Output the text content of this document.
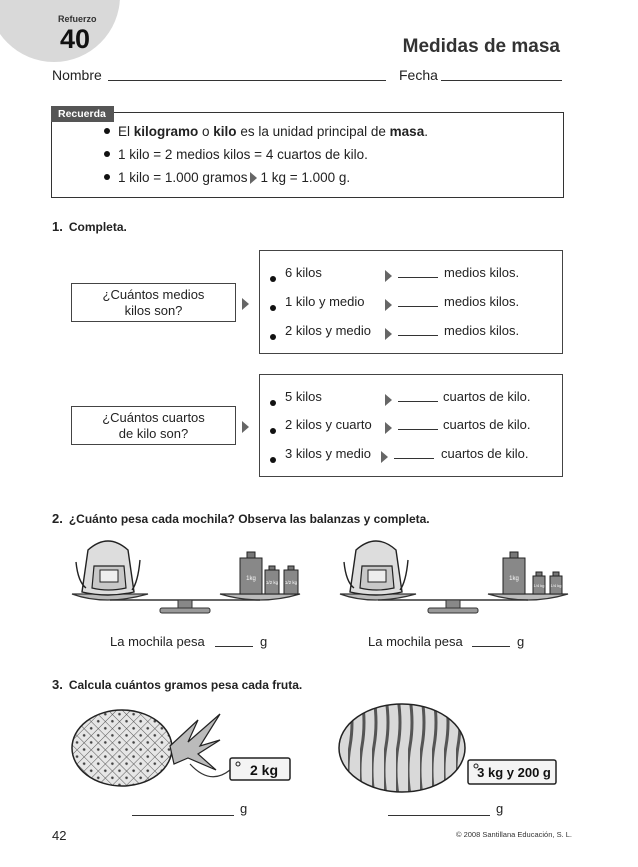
Refuerzo
40	Medidas de masa
Nombre	Fecha
Recuerda
El kilogramo o kilo es la unidad principal de masa.
1 kilo = 2 medios kilos = 4 cuartos de kilo.
1 kilo = 1.000 gramos 1 kg = 1.000 g.
1. Completa.
¿Cuántos medios kilos son?
6 kilos	medios kilos.
1 kilo y medio	medios kilos.
2 kilos y medio	medios kilos.
¿Cuántos cuartos de kilo son?
5 kilos	cuartos de kilo.
2 kilos y cuarto	cuartos de kilo.
3 kilos y medio	cuartos de kilo.
2. ¿Cuánto pesa cada mochila? Observa las balanzas y completa.
1kg
1/2 kg 1/2 kg
1kg
1/4 kg 1/4 kg
La mochila pesa	g	La mochila pesa	g
3. Calcula cuántos gramos pesa cada fruta.
2 kg	3 kg y 200 g
g	g
42	© 2008 Santillana Educación, S. L.
